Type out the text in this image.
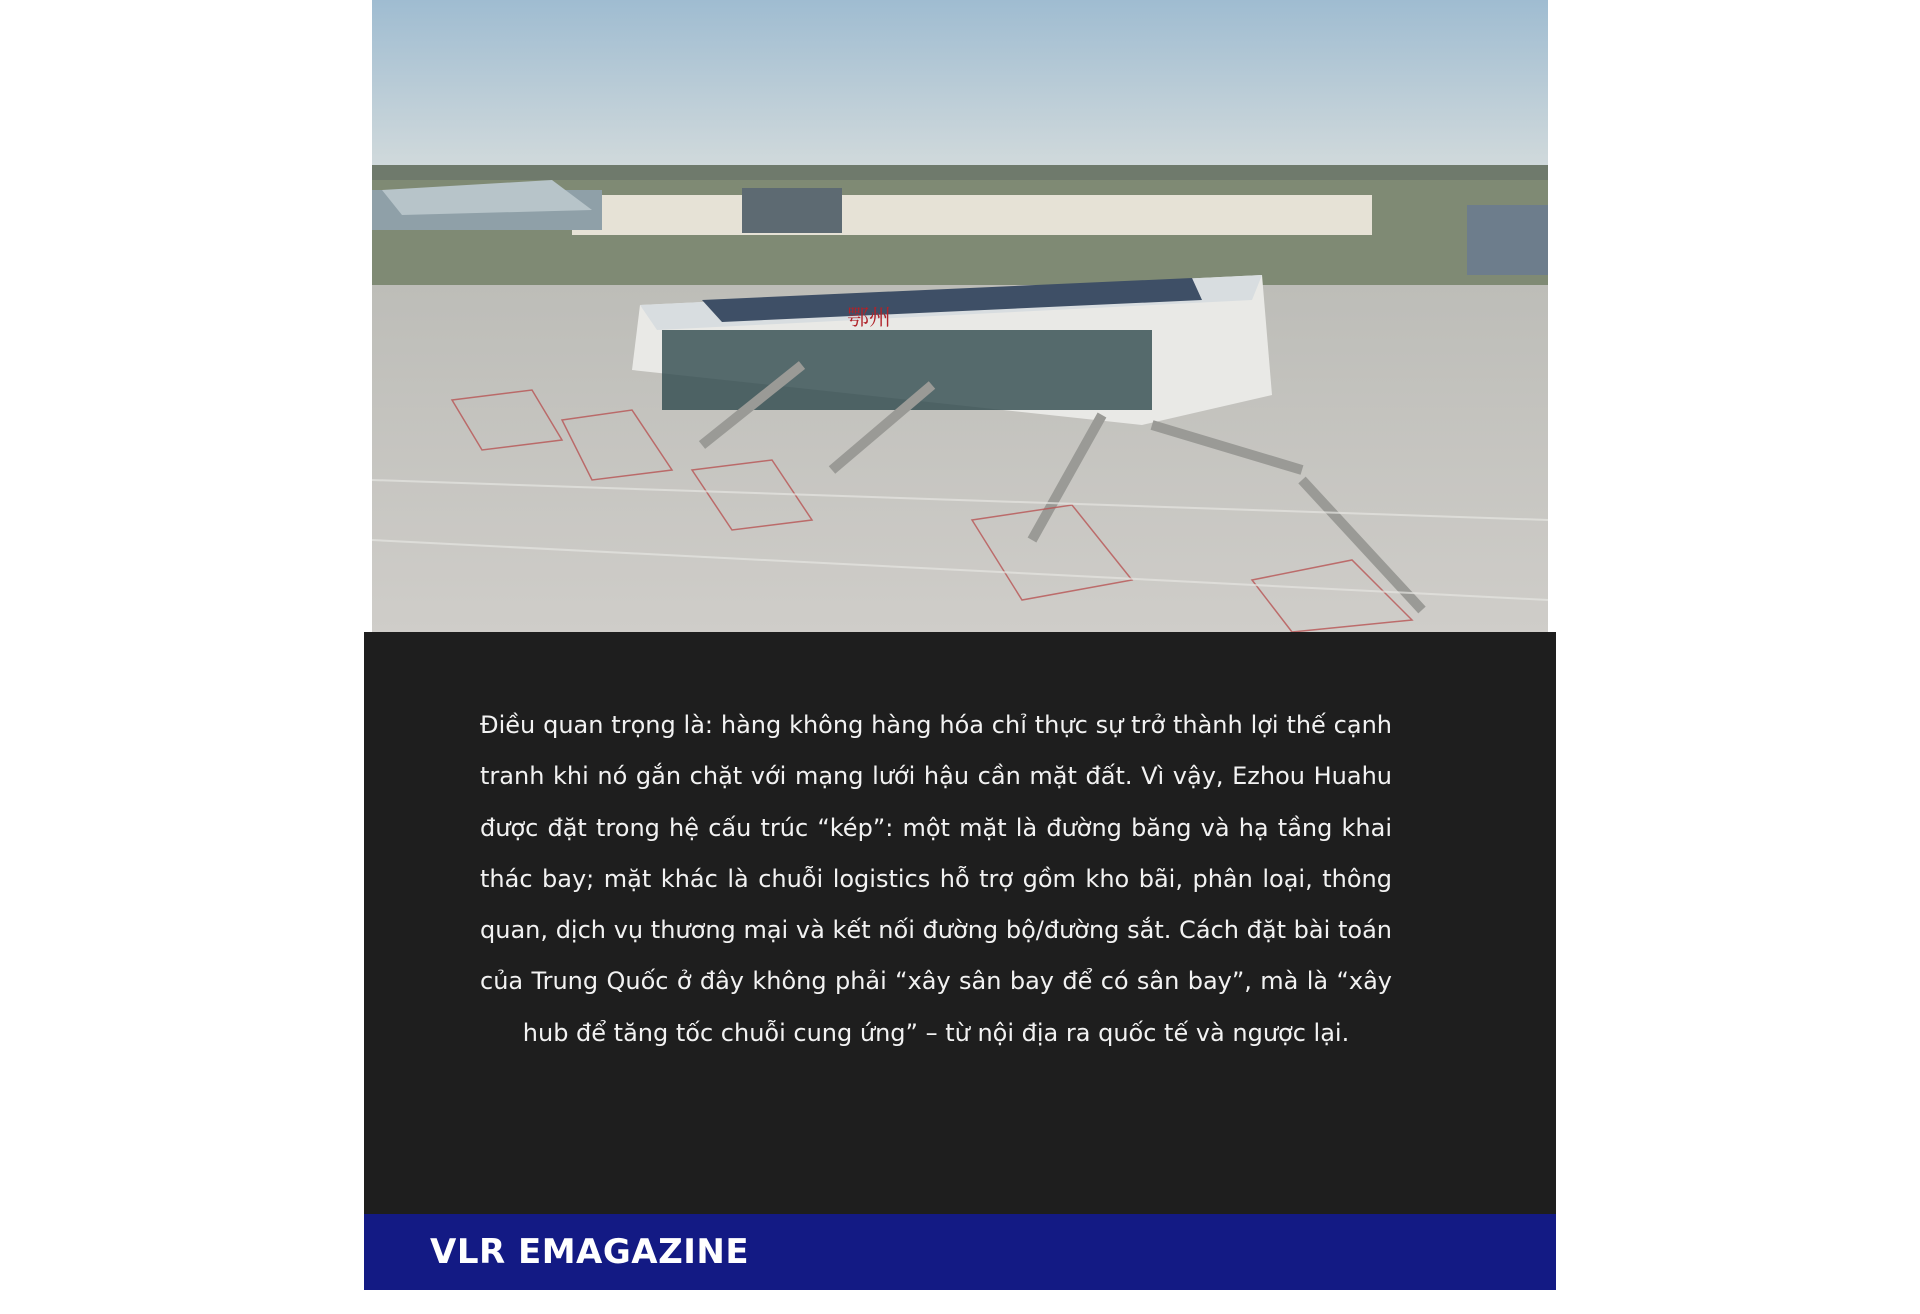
鄂州

Điều quan trọng là: hàng không hàng hóa chỉ thực sự trở thành lợi thế cạnh tranh khi nó gắn chặt với mạng lưới hậu cần mặt đất. Vì vậy, Ezhou Huahu được đặt trong hệ cấu trúc “kép”: một mặt là đường băng và hạ tầng khai thác bay; mặt khác là chuỗi logistics hỗ trợ gồm kho bãi, phân loại, thông quan, dịch vụ thương mại và kết nối đường bộ/đường sắt. Cách đặt bài toán của Trung Quốc ở đây không phải “xây sân bay để có sân bay”, mà là “xây hub để tăng tốc chuỗi cung ứng” – từ nội địa ra quốc tế và ngược lại.

VLR EMAGAZINE
